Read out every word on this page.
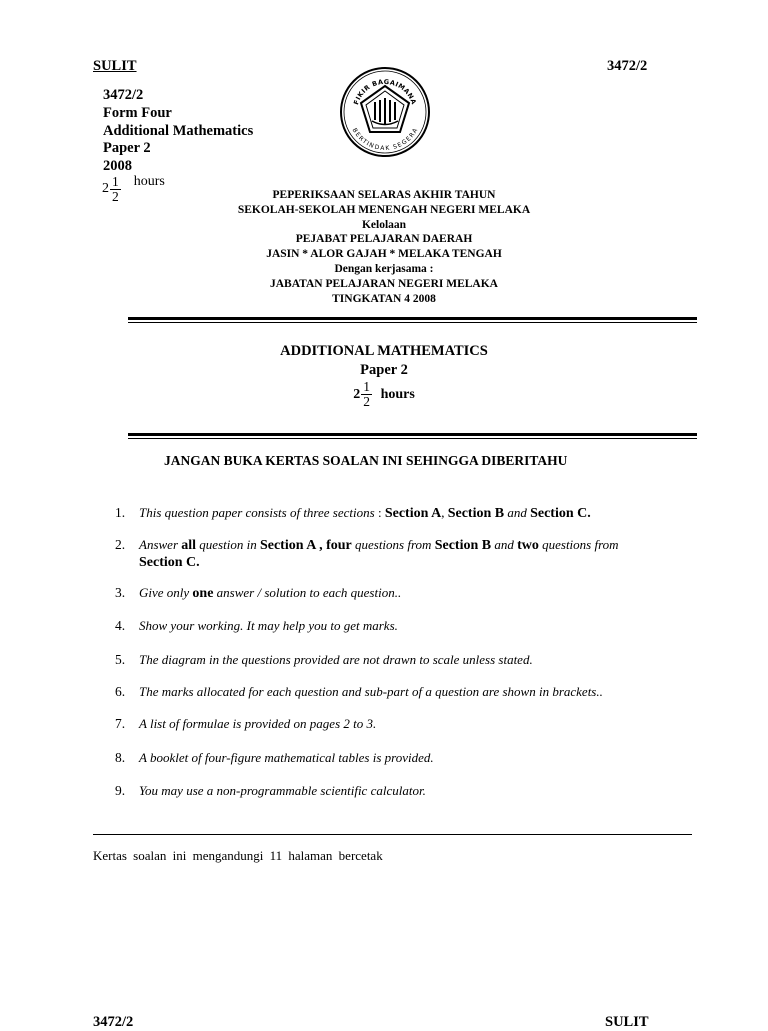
SULIT	3472/2
3472/2
Form Four
Additional Mathematics
Paper 2
2008
$2 \frac{1}{2}$ hours
FIKIR BAGAIMANA
BERTINDAK SEGERA
PEPERIKSAAN SELARAS AKHIR TAHUN
SEKOLAH-SEKOLAH MENENGAH NEGERI MELAKA
Kelolaan
PEJABAT PELAJARAN DAERAH
JASIN * ALOR GAJAH * MELAKA TENGAH
Dengan kerjasama :
JABATAN PELAJARAN NEGERI MELAKA
TINGKATAN 4 2008
ADDITIONAL MATHEMATICS
Paper 2
$2 \frac{1}{2}$ hours
JANGAN BUKA KERTAS SOALAN INI SEHINGGA DIBERITAHU
1.	This question paper consists of three sections : Section A, Section B and Section C.
2.	Answer all question in Section A , four questions from Section B and two questions from
Section C.
3.	Give only one answer / solution to each question..
4.	Show your working. It may help you to get marks.
5.	The diagram in the questions provided are not drawn to scale unless stated.
6.	The marks allocated for each question and sub-part of a question are shown in brackets..
7.	A list of formulae is provided on pages 2 to 3.
8.	A booklet of four-figure mathematical tables is provided.
9.	You may use a non-programmable scientific calculator.
Kertas soalan ini mengandungi 11 halaman bercetak
3472/2	SULIT
